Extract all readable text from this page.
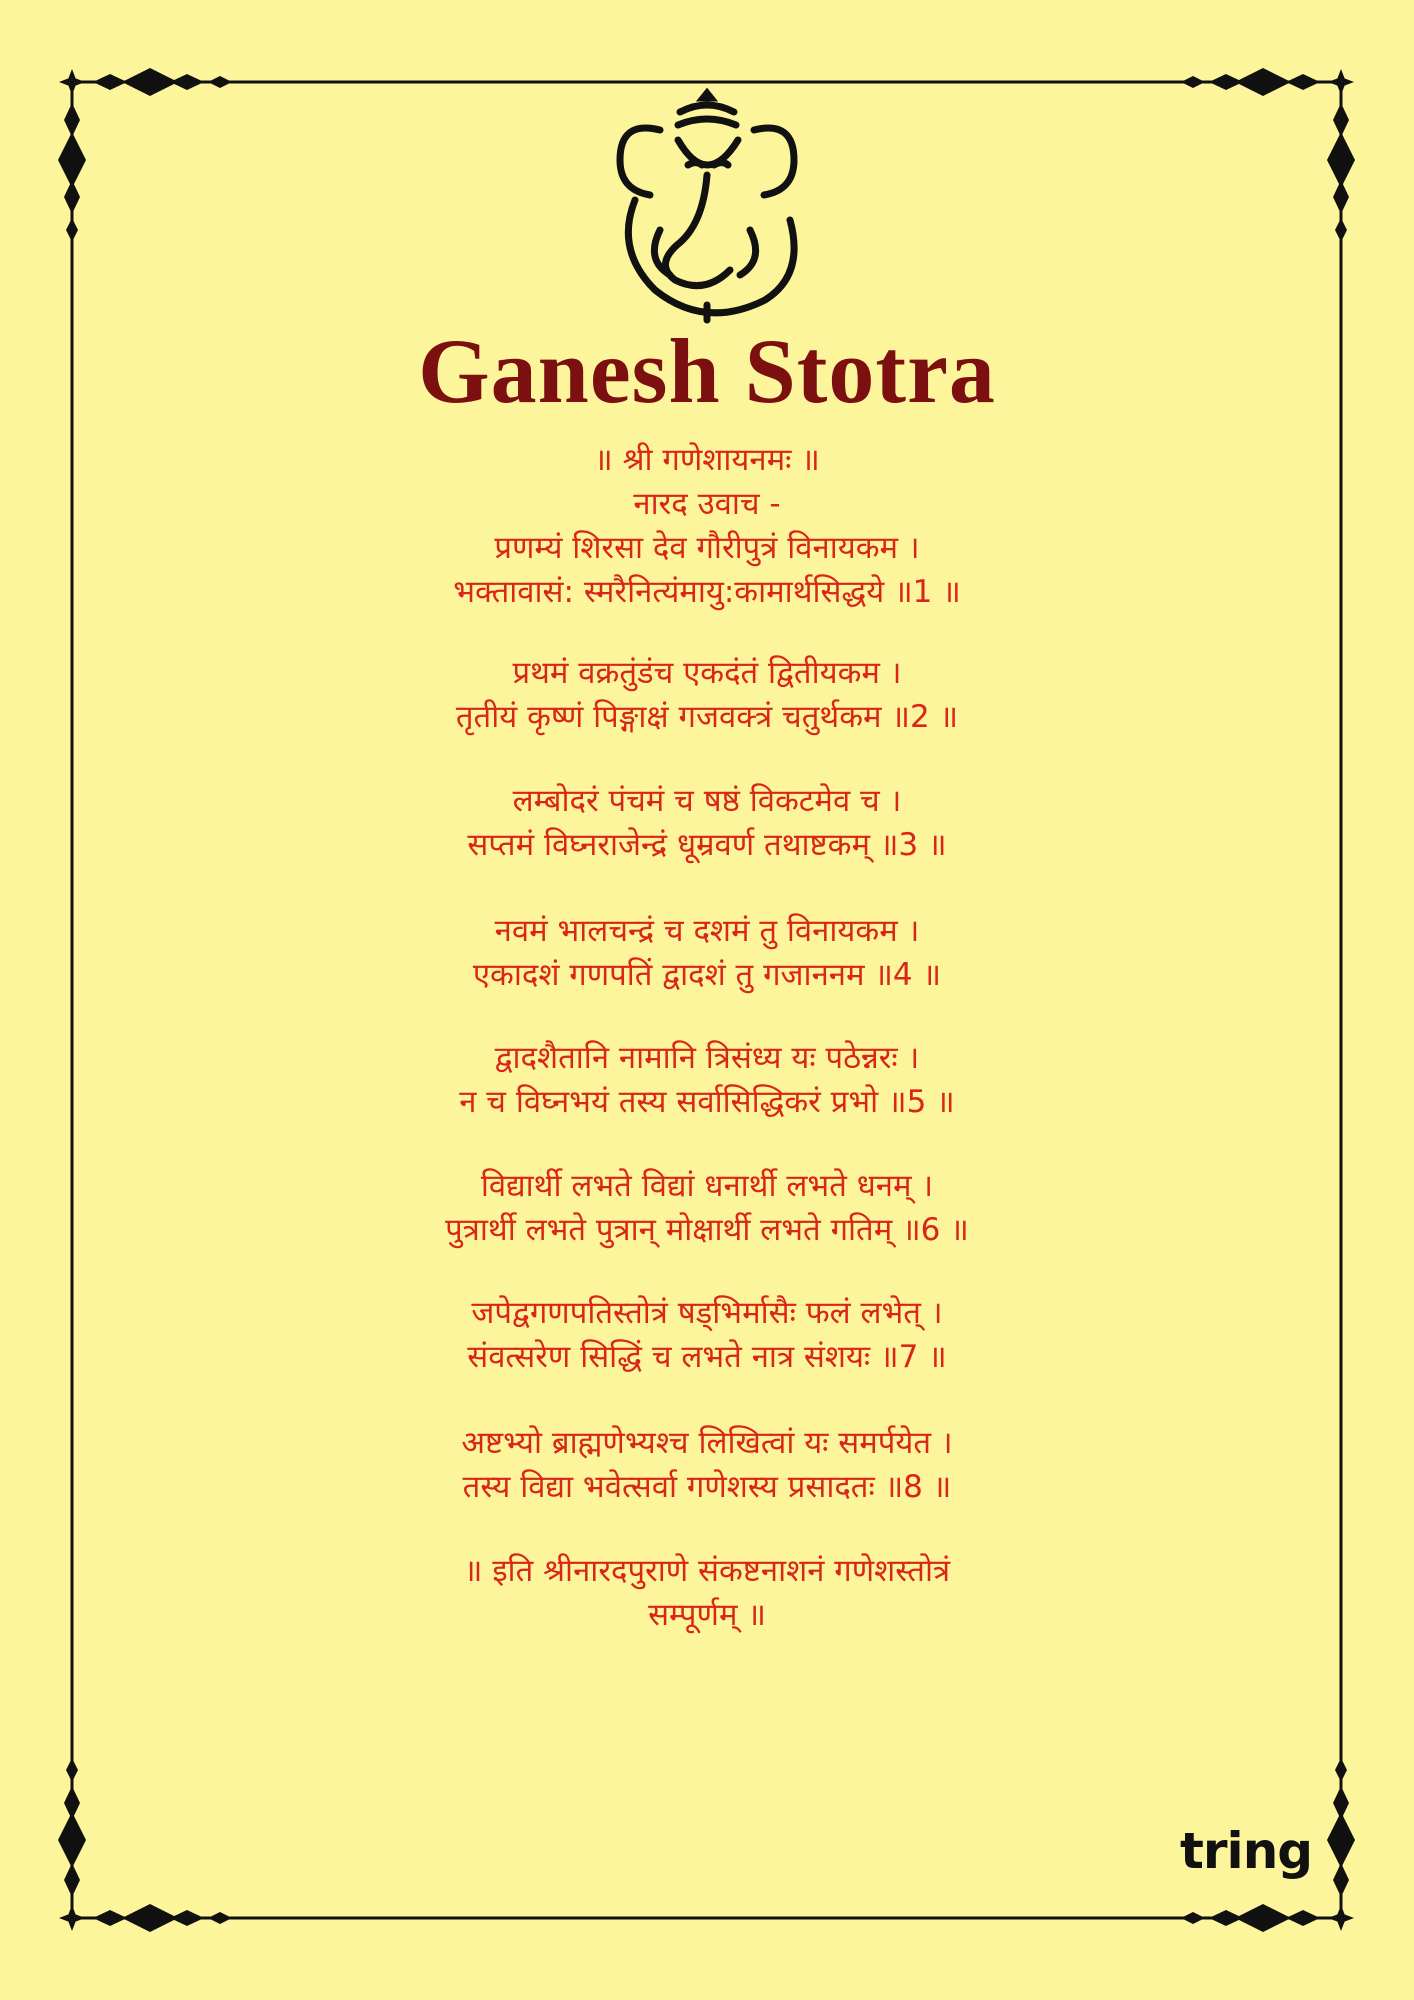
Ganesh Stotra
॥ श्री गणेशायनमः ॥
नारद उवाच -
प्रणम्यं शिरसा देव गौरीपुत्रं विनायकम ।
भक्तावासं: स्मरैनित्यंमायु:कामार्थसिद्धये ॥1 ॥
प्रथमं वक्रतुंडंच एकदंतं द्वितीयकम ।
तृतीयं कृष्णं पिङ्गाक्षं गजवक्त्रं चतुर्थकम ॥2 ॥
लम्बोदरं पंचमं च षष्ठं विकटमेव च ।
सप्तमं विघ्नराजेन्द्रं धूम्रवर्ण तथाष्टकम् ॥3 ॥
नवमं भालचन्द्रं च दशमं तु विनायकम ।
एकादशं गणपतिं द्वादशं तु गजाननम ॥4 ॥
द्वादशैतानि नामानि त्रिसंध्य यः पठेन्नरः ।
न च विघ्नभयं तस्य सर्वासिद्धिकरं प्रभो ॥5 ॥
विद्यार्थी लभते विद्यां धनार्थी लभते धनम् ।
पुत्रार्थी लभते पुत्रान् मोक्षार्थी लभते गतिम् ॥6 ॥
जपेद्वगणपतिस्तोत्रं षड्भिर्मासैः फलं लभेत् ।
संवत्सरेण सिद्धिं च लभते नात्र संशयः ॥7 ॥
अष्टभ्यो ब्राह्मणेभ्यश्च लिखित्वां यः समर्पयेत ।
तस्य विद्या भवेत्सर्वा गणेशस्य प्रसादतः ॥8 ॥
॥ इति श्रीनारदपुराणे संकष्टनाशनं गणेशस्तोत्रं
सम्पूर्णम् ॥
tring
